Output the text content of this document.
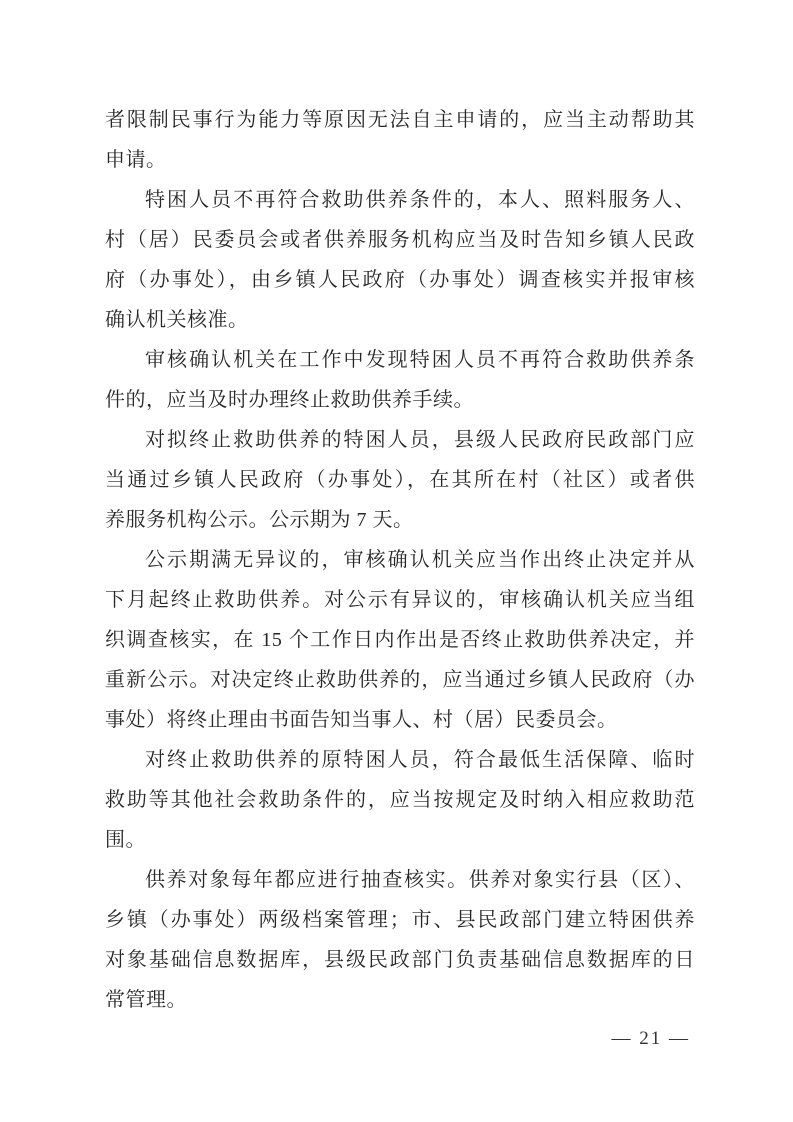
者限制民事行为能力等原因无法自主申请的，应当主动帮助其
申请。
特困人员不再符合救助供养条件的，本人、照料服务人、
村（居）民委员会或者供养服务机构应当及时告知乡镇人民政
府（办事处），由乡镇人民政府（办事处）调查核实并报审核
确认机关核准。
审核确认机关在工作中发现特困人员不再符合救助供养条
件的，应当及时办理终止救助供养手续。
对拟终止救助供养的特困人员，县级人民政府民政部门应
当通过乡镇人民政府（办事处），在其所在村（社区）或者供
养服务机构公示。公示期为 7 天。
公示期满无异议的，审核确认机关应当作出终止决定并从
下月起终止救助供养。对公示有异议的，审核确认机关应当组
织调查核实，在 15 个工作日内作出是否终止救助供养决定，并
重新公示。对决定终止救助供养的，应当通过乡镇人民政府（办
事处）将终止理由书面告知当事人、村（居）民委员会。
对终止救助供养的原特困人员，符合最低生活保障、临时
救助等其他社会救助条件的，应当按规定及时纳入相应救助范
围。
供养对象每年都应进行抽查核实。供养对象实行县（区）、
乡镇（办事处）两级档案管理；市、县民政部门建立特困供养
对象基础信息数据库，县级民政部门负责基础信息数据库的日
常管理。
— 21 —
